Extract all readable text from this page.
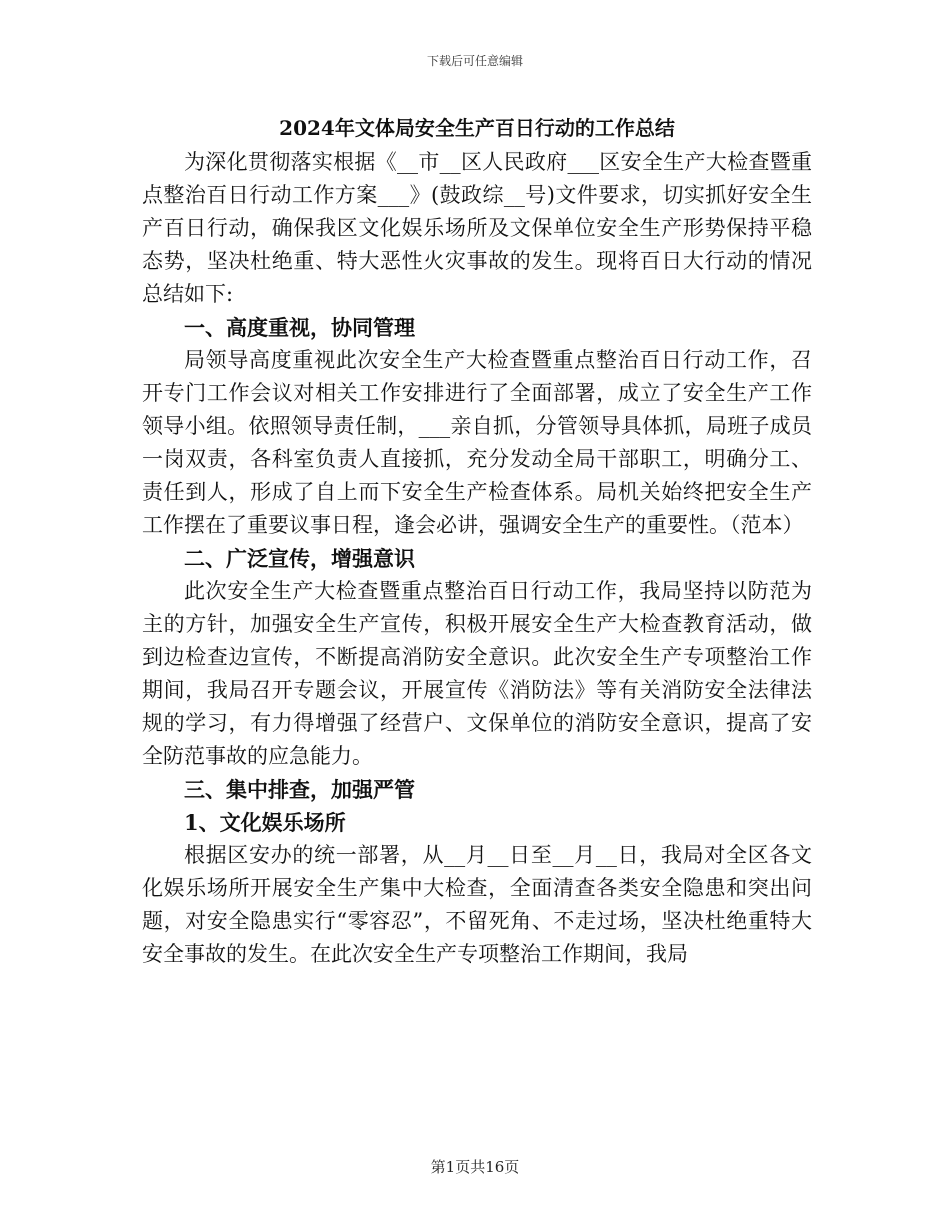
下载后可任意编辑
2024年文体局安全生产百日行动的工作总结

为深化贯彻落实根据《__市__区人民政府___区安全生产大检查暨重点整治百日行动工作方案___》(鼓政综__号)文件要求，切实抓好安全生产百日行动，确保我区文化娱乐场所及文保单位安全生产形势保持平稳态势，坚决杜绝重、特大恶性火灾事故的发生。现将百日大行动的情况总结如下:

一、高度重视，协同管理

局领导高度重视此次安全生产大检查暨重点整治百日行动工作，召开专门工作会议对相关工作安排进行了全面部署，成立了安全生产工作领导小组。依照领导责任制，___亲自抓，分管领导具体抓，局班子成员一岗双责，各科室负责人直接抓，充分发动全局干部职工，明确分工、责任到人，形成了自上而下安全生产检查体系。局机关始终把安全生产工作摆在了重要议事日程，逢会必讲，强调安全生产的重要性。（范本）

二、广泛宣传，增强意识

此次安全生产大检查暨重点整治百日行动工作，我局坚持以防范为主的方针，加强安全生产宣传，积极开展安全生产大检查教育活动，做到边检查边宣传，不断提高消防安全意识。此次安全生产专项整治工作期间，我局召开专题会议，开展宣传《消防法》等有关消防安全法律法规的学习，有力得增强了经营户、文保单位的消防安全意识，提高了安全防范事故的应急能力。

三、集中排查，加强严管

1、文化娱乐场所

根据区安办的统一部署，从__月__日至__月__日，我局对全区各文化娱乐场所开展安全生产集中大检查，全面清查各类安全隐患和突出问题，对安全隐患实行“零容忍”，不留死角、不走过场，坚决杜绝重特大安全事故的发生。在此次安全生产专项整治工作期间，我局

第1页共16页
